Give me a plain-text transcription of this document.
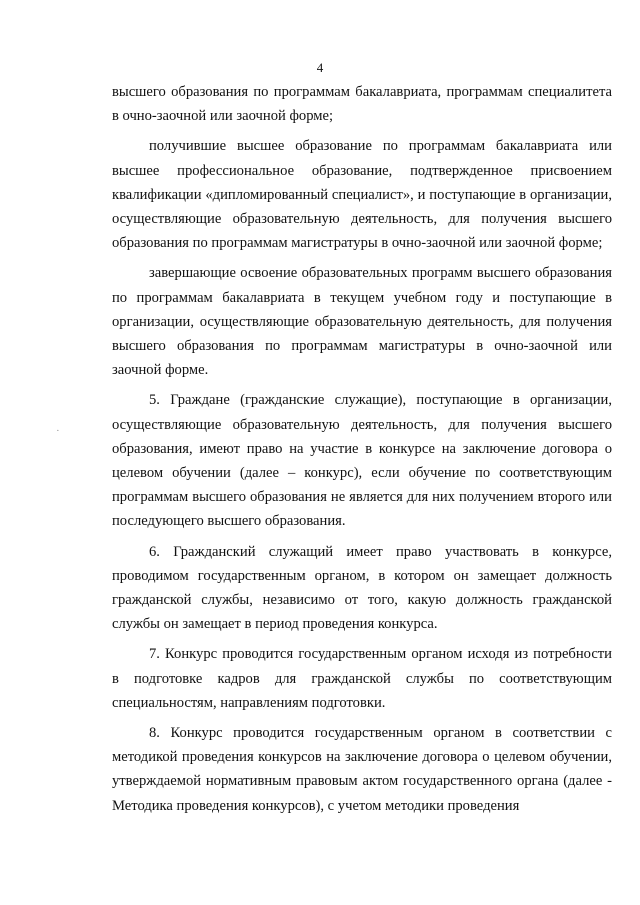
4
·

высшего образования по программам бакалавриата, программам специалитета в очно-заочной или заочной форме;

получившие высшее образование по программам бакалавриата или высшее профессиональное образование, подтвержденное присвоением квалификации «дипломированный специалист», и поступающие в организации, осуществляющие образовательную деятельность, для получения высшего образования по программам магистратуры в очно-заочной или заочной форме;

завершающие освоение образовательных программ высшего образования по программам бакалавриата в текущем учебном году и поступающие в организации, осуществляющие образовательную деятельность, для получения высшего образования по программам магистратуры в очно-заочной или заочной форме.

5. Граждане (гражданские служащие), поступающие в организации, осуществляющие образовательную деятельность, для получения высшего образования, имеют право на участие в конкурсе на заключение договора о целевом обучении (далее – конкурс), если обучение по соответствующим программам высшего образования не является для них получением второго или последующего высшего образования.

6. Гражданский служащий имеет право участвовать в конкурсе, проводимом государственным органом, в котором он замещает должность гражданской службы, независимо от того, какую должность гражданской службы он замещает в период проведения конкурса.

7. Конкурс проводится государственным органом исходя из потребности в подготовке кадров для гражданской службы по соответствующим специальностям, направлениям подготовки.

8. Конкурс проводится государственным органом в соответствии с методикой проведения конкурсов на заключение договора о целевом обучении, утверждаемой нормативным правовым актом государственного органа (далее - Методика проведения конкурсов), с учетом методики проведения
